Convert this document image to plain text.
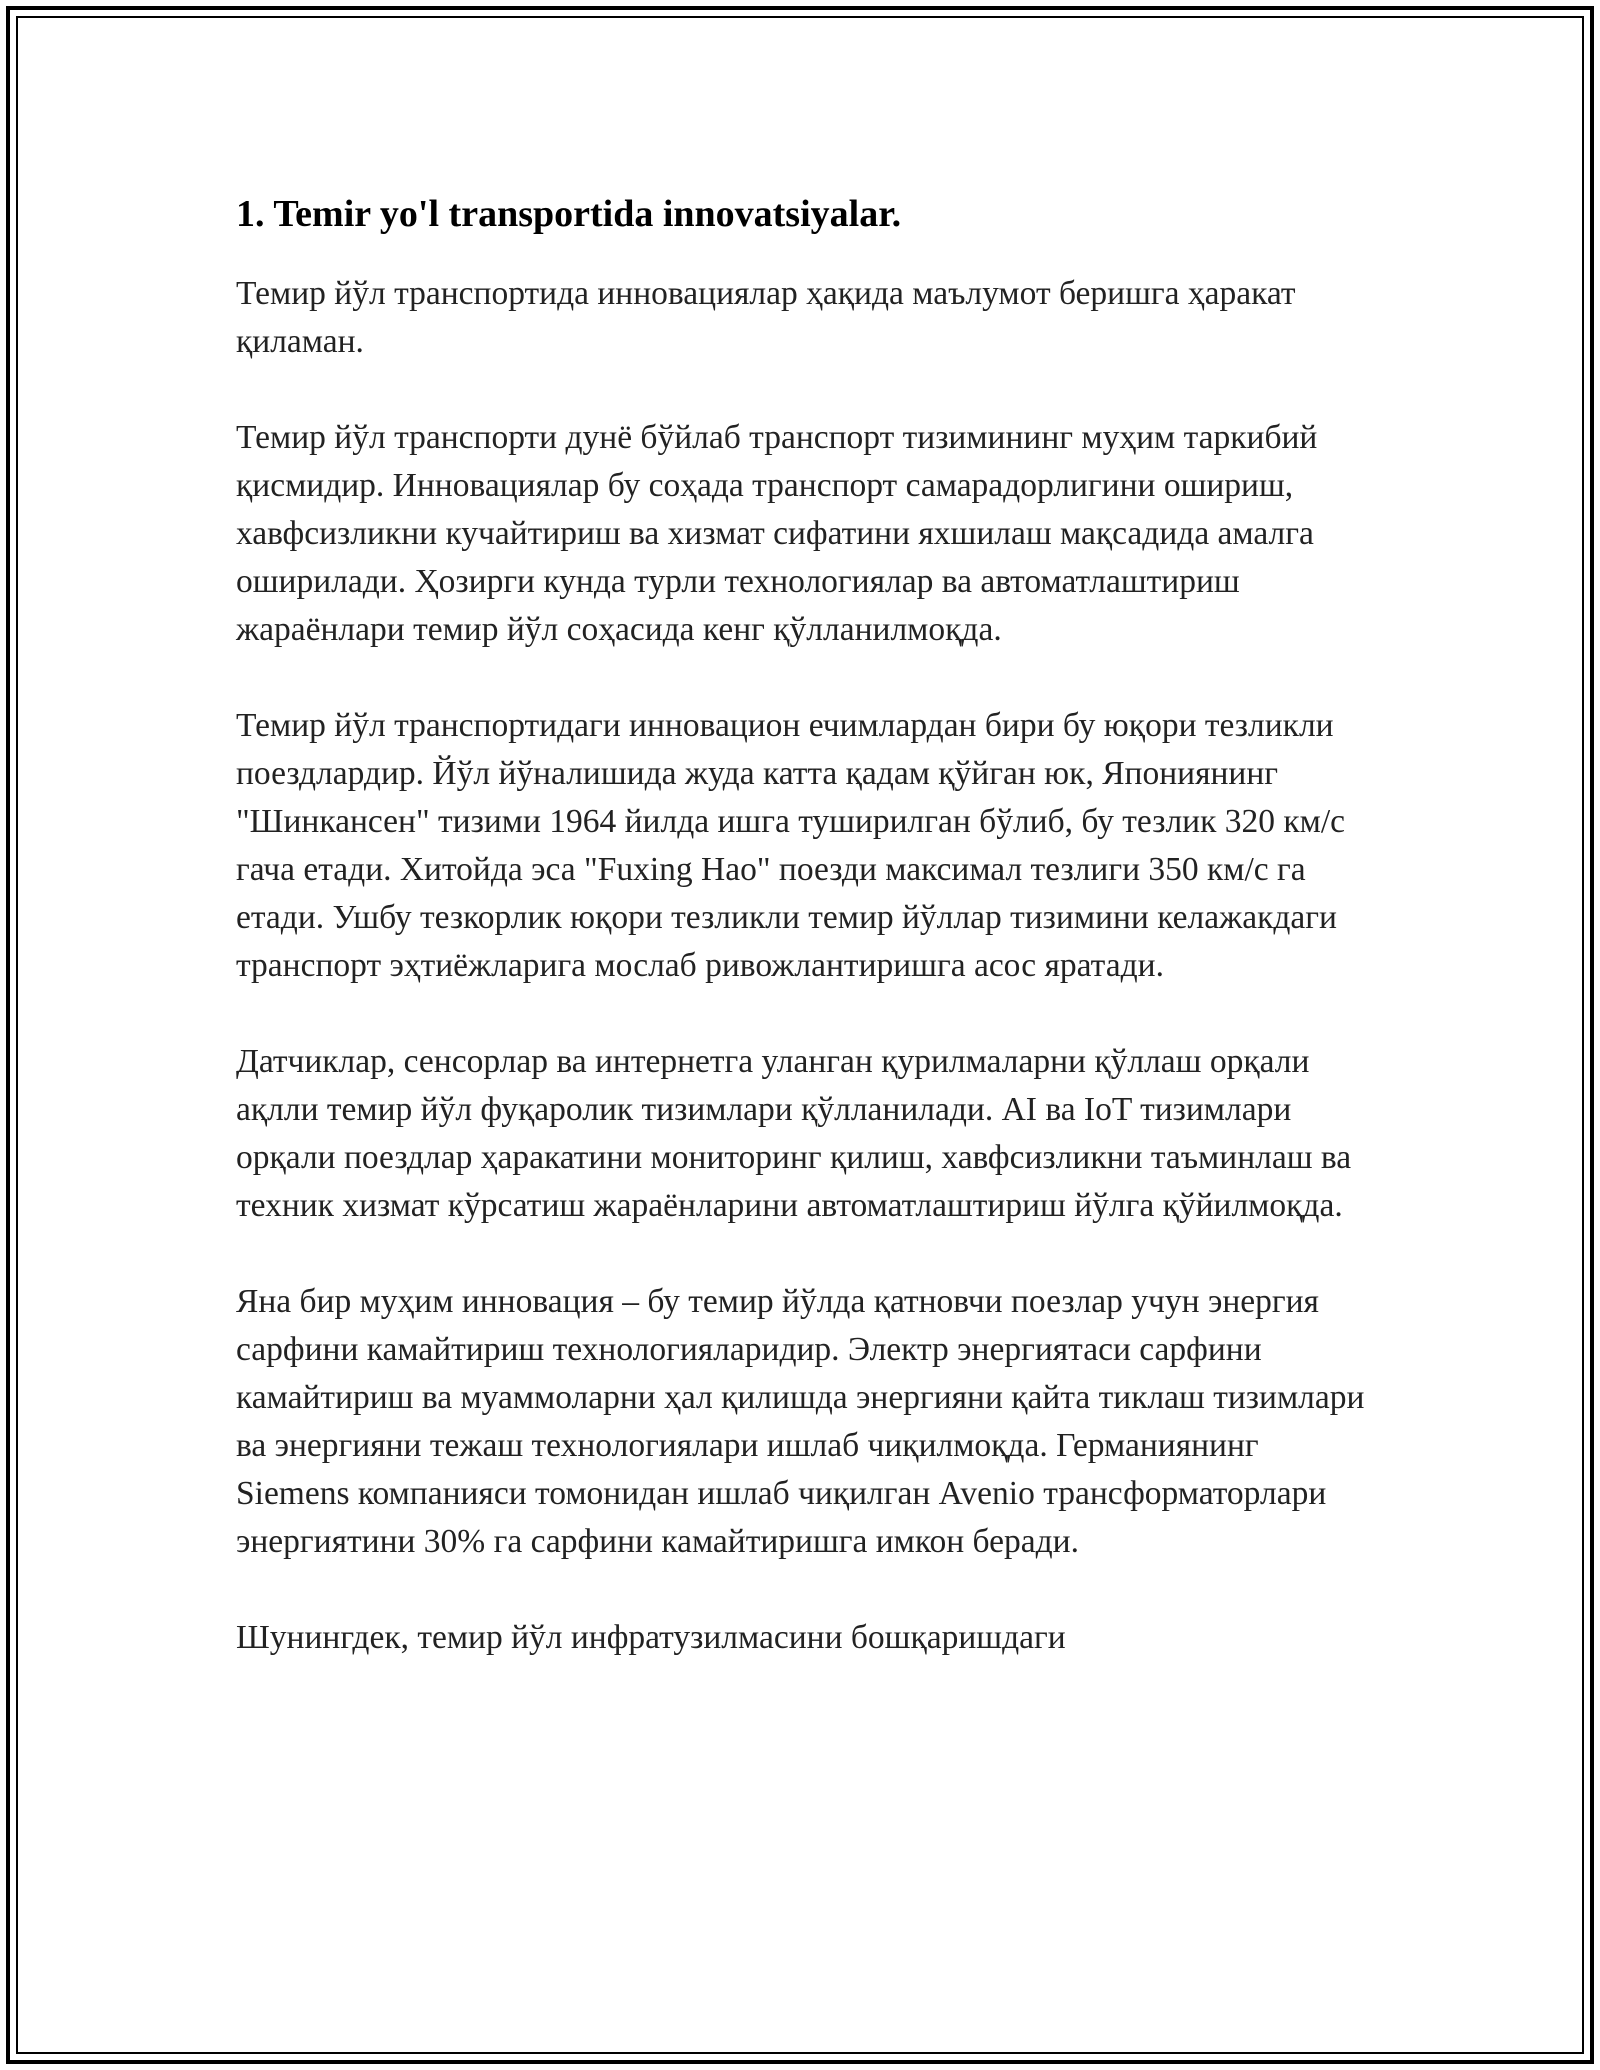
1. Temir yo'l transportida innovatsiyalar.

Темир йўл транспортида инновациялар ҳақида маълумот беришга ҳаракат қиламан.

Темир йўл транспорти дунё бўйлаб транспорт тизимининг муҳим таркибий қисмидир. Инновациялар бу соҳада транспорт самарадорлигини ошириш, хавфсизликни кучайтириш ва хизмат сифатини яхшилаш мақсадида амалга оширилади. Ҳозирги кунда турли технологиялар ва автоматлаштириш жараёнлари темир йўл соҳасида кенг қўлланилмоқда.

Темир йўл транспортидаги инновацион ечимлардан бири бу юқори тезликли поездлардир. Йўл йўналишида жуда катта қадам қўйган юк, Япониянинг "Шинкансен" тизими 1964 йилда ишга туширилган бўлиб, бу тезлик 320 км/с гача етади. Хитойда эса "Fuxing Hao" поезди максимал тезлиги 350 км/с га етади. Ушбу тезкорлик юқори тезликли темир йўллар тизимини келажакдаги транспорт эҳтиёжларига мослаб ривожлантиришга асос яратади.

Датчиклар, сенсорлар ва интернетга уланган қурилмаларни қўллаш орқали ақлли темир йўл фуқаролик тизимлари қўлланилади. AI ва IoT тизимлари орқали поездлар ҳаракатини мониторинг қилиш, хавфсизликни таъминлаш ва техник хизмат кўрсатиш жараёнларини автоматлаштириш йўлга қўйилмоқда.

Яна бир муҳим инновация – бу темир йўлда қатновчи поезлар учун энергия сарфини камайтириш технологияларидир. Электр энергиятаси сарфини камайтириш ва муаммоларни ҳал қилишда энергияни қайта тиклаш тизимлари ва энергияни тежаш технологиялари ишлаб чиқилмоқда. Германиянинг Siemens компанияси томонидан ишлаб чиқилган Avenio трансформаторлари энергиятини 30% га сарфини камайтиришга имкон беради.

Шунингдек, темир йўл инфратузилмасини бошқаришдаги
